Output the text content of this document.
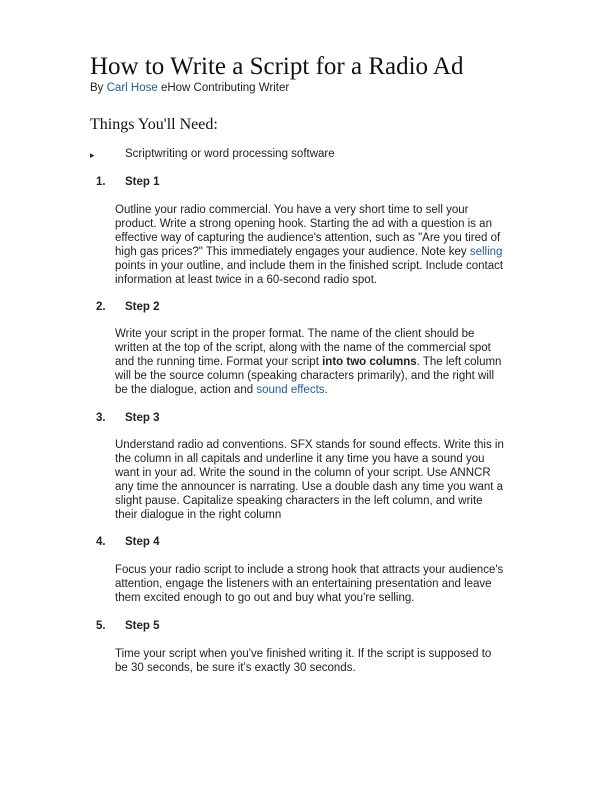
How to Write a Script for a Radio Ad
By Carl Hose eHow Contributing Writer
Things You'll Need:
▸	Scriptwriting or word processing software
1. Step 1
Outline your radio commercial. You have a very short time to sell your
product. Write a strong opening hook. Starting the ad with a question is an
effective way of capturing the audience's attention, such as "Are you tired of
high gas prices?" This immediately engages your audience. Note key selling
points in your outline, and include them in the finished script. Include contact
information at least twice in a 60-second radio spot.
2. Step 2
Write your script in the proper format. The name of the client should be
written at the top of the script, along with the name of the commercial spot
and the running time. Format your script into two columns. The left column
will be the source column (speaking characters primarily), and the right will
be the dialogue, action and sound effects.
3. Step 3
Understand radio ad conventions. SFX stands for sound effects. Write this in
the column in all capitals and underline it any time you have a sound you
want in your ad. Write the sound in the column of your script. Use ANNCR
any time the announcer is narrating. Use a double dash any time you want a
slight pause. Capitalize speaking characters in the left column, and write
their dialogue in the right column
4. Step 4
Focus your radio script to include a strong hook that attracts your audience's
attention, engage the listeners with an entertaining presentation and leave
them excited enough to go out and buy what you're selling.
5. Step 5
Time your script when you've finished writing it. If the script is supposed to
be 30 seconds, be sure it's exactly 30 seconds.
